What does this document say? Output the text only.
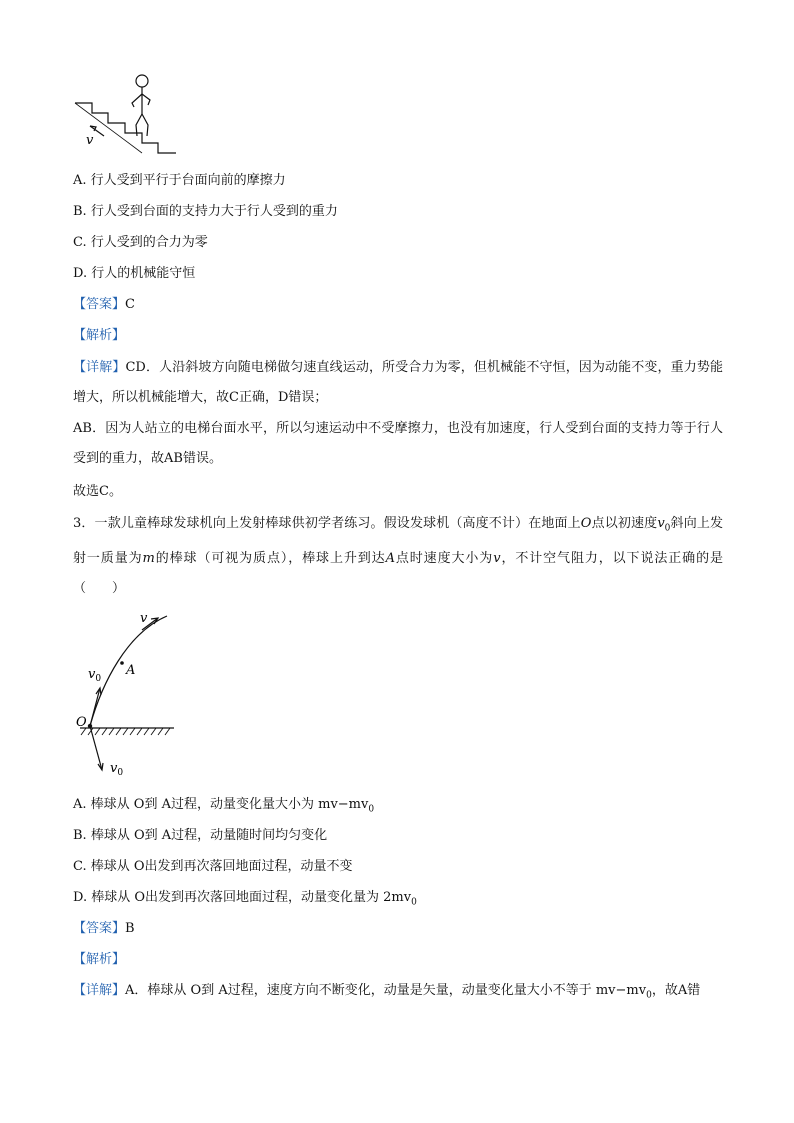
v
A. 行人受到平行于台面向前的摩擦力
B. 行人受到台面的支持力大于行人受到的重力
C. 行人受到的合力为零
D. 行人的机械能守恒
【答案】C
【解析】
【详解】CD．人沿斜坡方向随电梯做匀速直线运动，所受合力为零，但机械能不守恒，因为动能不变，重力势能增大，所以机械能增大，故C正确，D错误；
AB．因为人站立的电梯台面水平，所以匀速运动中不受摩擦力，也没有加速度，行人受到台面的支持力等于行人受到的重力，故AB错误。
故选C。
3．一款儿童棒球发球机向上发射棒球供初学者练习。假设发球机（高度不计）在地面上O点以初速度$v_0$斜向上发射一质量为m的棒球（可视为质点），棒球上升到达A点时速度大小为v，不计空气阻力，以下说法正确的是（　　）
v
A
$v_0$
O
$v_0$
A. 棒球从 O到 A过程，动量变化量大小为 $mv-mv_0$
B. 棒球从 O到 A过程，动量随时间均匀变化
C. 棒球从 O出发到再次落回地面过程，动量不变
D. 棒球从 O出发到再次落回地面过程，动量变化量为 $2mv_0$
【答案】B
【解析】
【详解】A．棒球从 O到 A过程，速度方向不断变化，动量是矢量，动量变化量大小不等于 $mv-mv_0$，故A错
